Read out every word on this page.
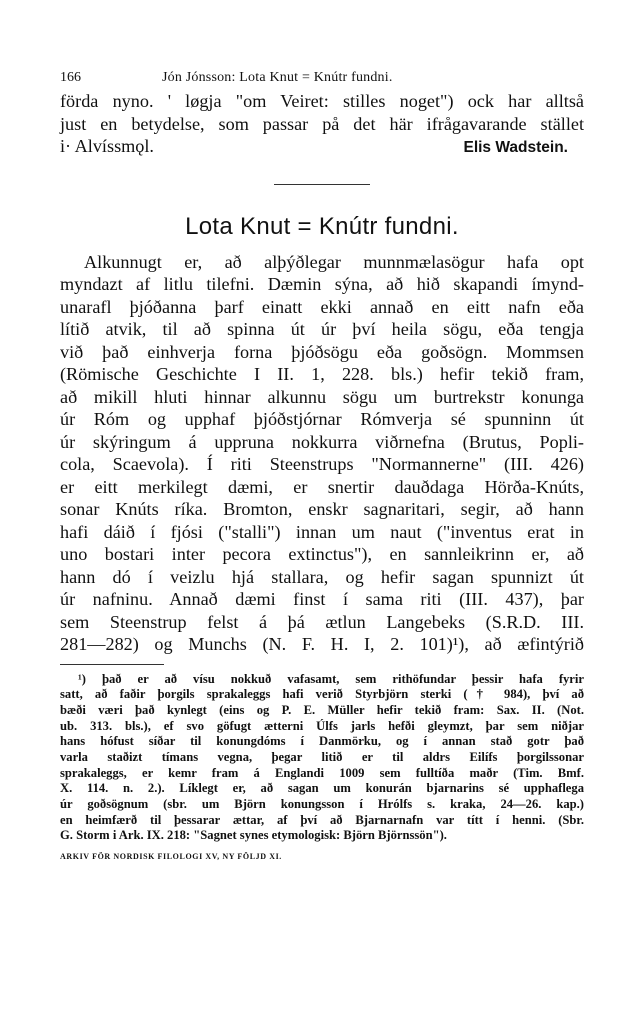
166	Jón Jónsson: Lota Knut = Knútr fundni.
förda nyno. ' løgja "om Veiret: stilles noget") ock har alltså
just en betydelse, som passar på det här ifrågavarande stället
i· Alvíssmǫl.	Elis Wadstein.
Lota Knut = Knútr fundni.
Alkunnugt er, að alþýðlegar munnmælasögur hafa opt
myndazt af litlu tilefni. Dæmin sýna, að hið skapandi ímynd-
unarafl þjóðanna þarf einatt ekki annað en eitt nafn eða
lítið atvik, til að spinna út úr því heila sögu, eða tengja
við það einhverja forna þjóðsögu eða goðsögn. Mommsen
(Römische Geschichte I II. 1, 228. bls.) hefir tekið fram,
að mikill hluti hinnar alkunnu sögu um burtrekstr konunga
úr Róm og upphaf þjóðstjórnar Rómverja sé spunninn út
úr skýringum á uppruna nokkurra viðrnefna (Brutus, Popli-
cola, Scaevola). Í riti Steenstrups "Normannerne" (III. 426)
er eitt merkilegt dæmi, er snertir dauðdaga Hörða-Knúts,
sonar Knúts ríka. Bromton, enskr sagnaritari, segir, að hann
hafi dáið í fjósi ("stalli") innan um naut ("inventus erat in
uno bostari inter pecora extinctus"), en sannleikrinn er, að
hann dó í veizlu hjá stallara, og hefir sagan spunnizt út
úr nafninu. Annað dæmi finst í sama riti (III. 437), þar
sem Steenstrup felst á þá ætlun Langebeks (S.R.D. III.
281—282) og Munchs (N. F. H. I, 2. 101)¹), að æfintýrið
¹) það er að vísu nokkuð vafasamt, sem rithöfundar þessir hafa fyrir
satt, að faðir þorgils sprakaleggs hafi verið Styrbjörn sterki († 984), því að
bæði væri það kynlegt (eins og P. E. Müller hefir tekið fram: Sax. II. (Not.
ub. 313. bls.), ef svo göfugt ætterni Úlfs jarls hefði gleymzt, þar sem niðjar
hans hófust síðar til konungdóms í Danmörku, og í annan stað gotr það
varla staðizt tímans vegna, þegar litið er til aldrs Eilífs þorgilssonar
sprakaleggs, er kemr fram á Englandi 1009 sem fulltíða maðr (Tim. Bmf.
X. 114. n. 2.). Líklegt er, að sagan um konurán bjarnarins sé upphaflega
úr goðsögnum (sbr. um Björn konungsson í Hrólfs s. kraka, 24—26. kap.)
en heimfærð til þessarar ættar, af því að Bjarnarnafn var títt í henni. (Sbr.
G. Storm i Ark. IX. 218: "Sagnet synes etymologisk: Björn Björnssön").
ARKIV FÖR NORDISK FILOLOGI XV, NY FÖLJD XI.
